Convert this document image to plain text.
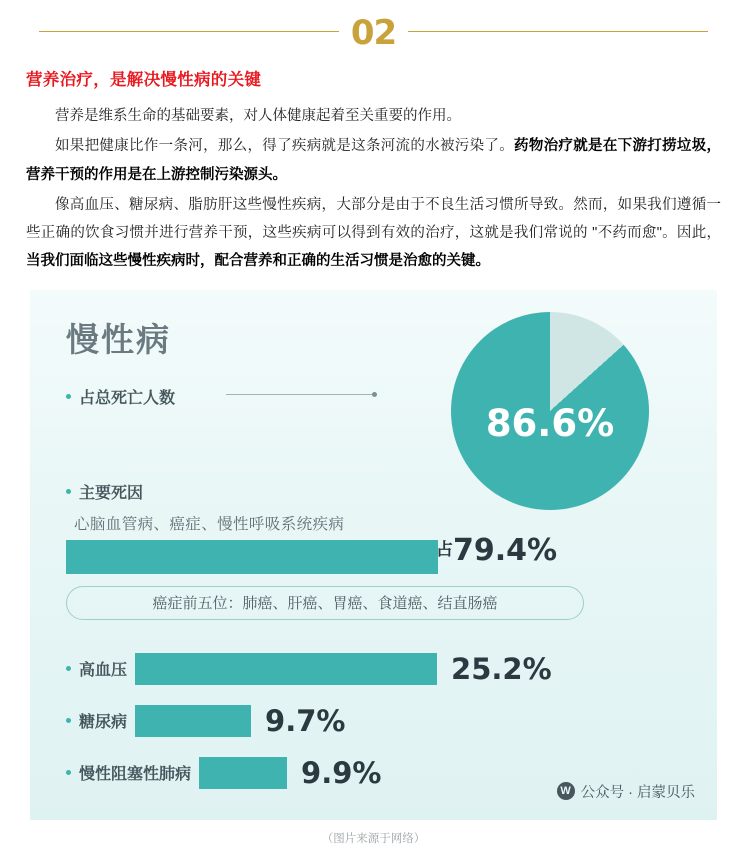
02
营养治疗，是解决慢性病的关键

营养是维系生命的基础要素，对人体健康起着至关重要的作用。

如果把健康比作一条河，那么，得了疾病就是这条河流的水被污染了。药物治疗就是在下游打捞垃圾，营养干预的作用是在上游控制污染源头。

像高血压、糖尿病、脂肪肝这些慢性疾病，大部分是由于不良生活习惯所导致。然而，如果我们遵循一些正确的饮食习惯并进行营养干预，这些疾病可以得到有效的治疗，这就是我们常说的 "不药而愈"。因此，当我们面临这些慢性疾病时，配合营养和正确的生活习惯是治愈的关键。

慢性病
86.6%
占总死亡人数
主要死因
心脑血管病、癌症、慢性呼吸系统疾病
占79.4%
癌症前五位：肺癌、肝癌、胃癌、食道癌、结直肠癌
高血压	25.2%
糖尿病	9.7%
慢性阻塞性肺病	9.9%
W 公众号 · 启蒙贝乐
（图片来源于网络）
